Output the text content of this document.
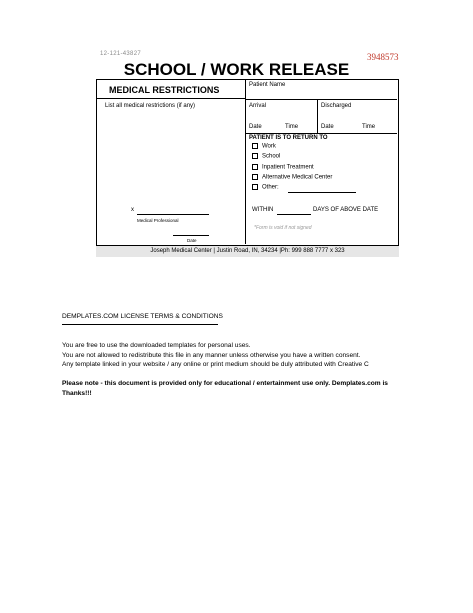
12-121-43827	3948573
SCHOOL / WORK RELEASE
MEDICAL RESTRICTIONS
List all medical restrictions (if any)
x
Medical Professional
Date
Patient Name
Arrival
Date	Time
Discharged
Date	Time
PATIENT IS TO RETURN TO
Work
School
Inpatient Treatment
Alternative Medical Center
Other:
WITHIN	DAYS OF ABOVE DATE
*Form is void if not signed
Joseph Medical Center | Justin Road, IN, 34234 |Ph: 999 888 7777 x 323
DEMPLATES.COM LICENSE TERMS & CONDITIONS
You are free to use the downloaded templates for personal uses.
You are not allowed to redistribute this file in any manner unless otherwise you have a written consent.
Any template linked in your website / any online or print medium should be duly attributed with Creative C
Please note - this document is provided only for educational / entertainment use only. Demplates.com is
Thanks!!!
